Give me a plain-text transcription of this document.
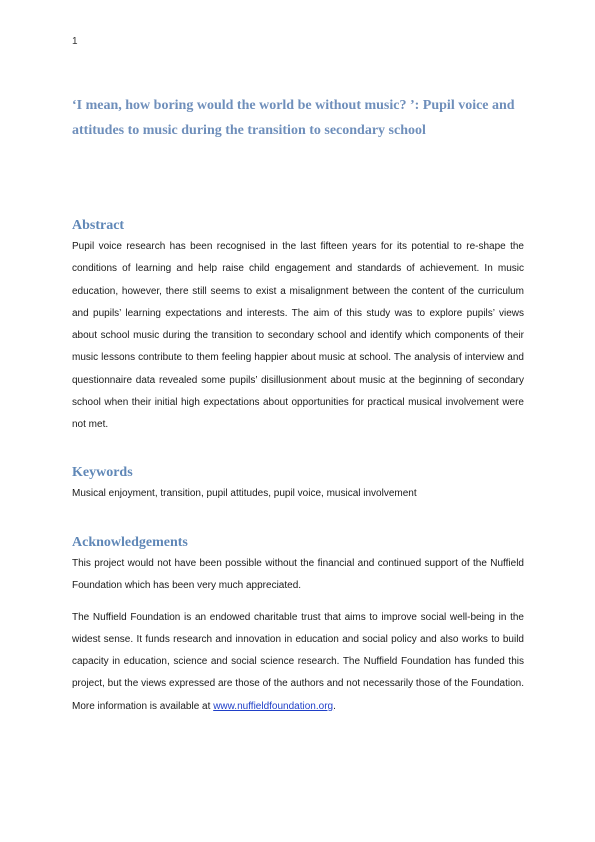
1
‘I mean, how boring would the world be without music? ’: Pupil voice and attitudes to music during the transition to secondary school
Abstract

Pupil voice research has been recognised in the last fifteen years for its potential to re-shape the conditions of learning and help raise child engagement and standards of achievement. In music education, however, there still seems to exist a misalignment between the content of the curriculum and pupils’ learning expectations and interests. The aim of this study was to explore pupils’ views about school music during the transition to secondary school and identify which components of their music lessons contribute to them feeling happier about music at school. The analysis of interview and questionnaire data revealed some pupils’ disillusionment about music at the beginning of secondary school when their initial high expectations about opportunities for practical musical involvement were not met.

Keywords

Musical enjoyment, transition, pupil attitudes, pupil voice, musical involvement

Acknowledgements

This project would not have been possible without the financial and continued support of the Nuffield Foundation which has been very much appreciated.

The Nuffield Foundation is an endowed charitable trust that aims to improve social well-being in the widest sense. It funds research and innovation in education and social policy and also works to build capacity in education, science and social science research. The Nuffield Foundation has funded this project, but the views expressed are those of the authors and not necessarily those of the Foundation. More information is available at www.nuffieldfoundation.org.
